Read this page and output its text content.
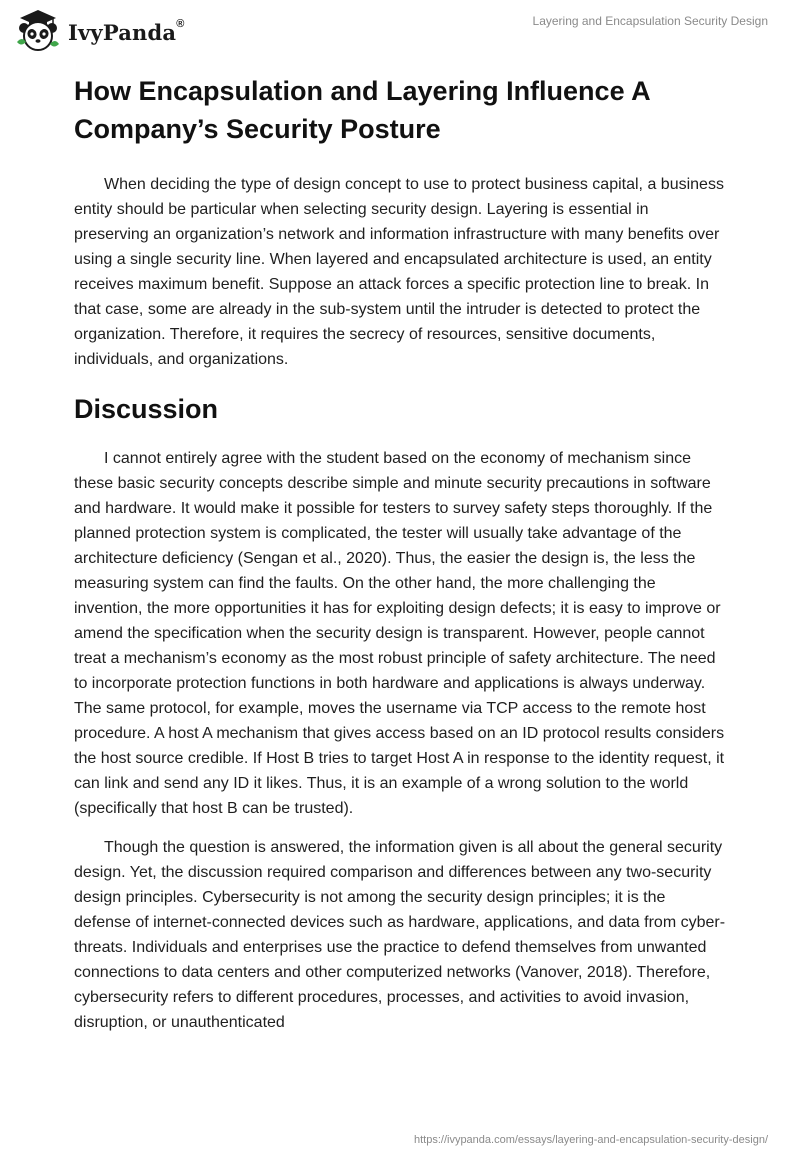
IvyPanda®	Layering and Encapsulation Security Design
How Encapsulation and Layering Influence A Company’s Security Posture

When deciding the type of design concept to use to protect business capital, a business entity should be particular when selecting security design. Layering is essential in preserving an organization’s network and information infrastructure with many benefits over using a single security line. When layered and encapsulated architecture is used, an entity receives maximum benefit. Suppose an attack forces a specific protection line to break. In that case, some are already in the sub-system until the intruder is detected to protect the organization. Therefore, it requires the secrecy of resources, sensitive documents, individuals, and organizations.

Discussion

I cannot entirely agree with the student based on the economy of mechanism since these basic security concepts describe simple and minute security precautions in software and hardware. It would make it possible for testers to survey safety steps thoroughly. If the planned protection system is complicated, the tester will usually take advantage of the architecture deficiency (Sengan et al., 2020). Thus, the easier the design is, the less the measuring system can find the faults. On the other hand, the more challenging the invention, the more opportunities it has for exploiting design defects; it is easy to improve or amend the specification when the security design is transparent. However, people cannot treat a mechanism’s economy as the most robust principle of safety architecture. The need to incorporate protection functions in both hardware and applications is always underway. The same protocol, for example, moves the username via TCP access to the remote host procedure. A host A mechanism that gives access based on an ID protocol results considers the host source credible. If Host B tries to target Host A in response to the identity request, it can link and send any ID it likes. Thus, it is an example of a wrong solution to the world (specifically that host B can be trusted).

Though the question is answered, the information given is all about the general security design. Yet, the discussion required comparison and differences between any two-security design principles. Cybersecurity is not among the security design principles; it is the defense of internet-connected devices such as hardware, applications, and data from cyber-threats. Individuals and enterprises use the practice to defend themselves from unwanted connections to data centers and other computerized networks (Vanover, 2018). Therefore, cybersecurity refers to different procedures, processes, and activities to avoid invasion, disruption, or unauthenticated

https://ivypanda.com/essays/layering-and-encapsulation-security-design/
